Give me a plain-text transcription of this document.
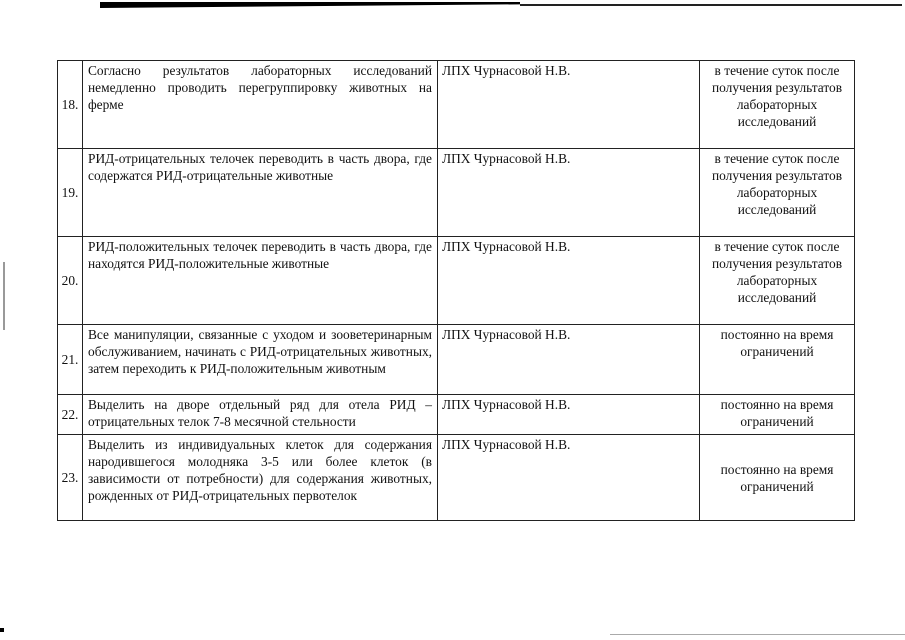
18.	Согласно результатов лабораторных исследований немедленно проводить перегруппировку животных на ферме	ЛПХ Чурнасовой Н.В.	в течение суток после получения результатов лабораторных исследований
19.	РИД-отрицательных телочек переводить в часть двора, где содержатся РИД-отрицательные животные	ЛПХ Чурнасовой Н.В.	в течение суток после получения результатов лабораторных исследований
20.	РИД-положительных телочек переводить в часть двора, где находятся РИД-положительные животные	ЛПХ Чурнасовой Н.В.	в течение суток после получения результатов лабораторных исследований
21.	Все манипуляции, связанные с уходом и зооветеринарным обслуживанием, начинать с РИД-отрицательных животных, затем переходить к РИД-положительным животным	ЛПХ Чурнасовой Н.В.	постоянно на время ограничений
22.	Выделить на дворе отдельный ряд для отела РИД – отрицательных телок 7-8 месячной стельности	ЛПХ Чурнасовой Н.В.	постоянно на время ограничений
23.	Выделить из индивидуальных клеток для содержания народившегося молодняка 3-5 или более клеток (в зависимости от потребности) для содержания животных, рожденных от РИД-отрицательных первотелок	ЛПХ Чурнасовой Н.В.	постоянно на время ограничений
